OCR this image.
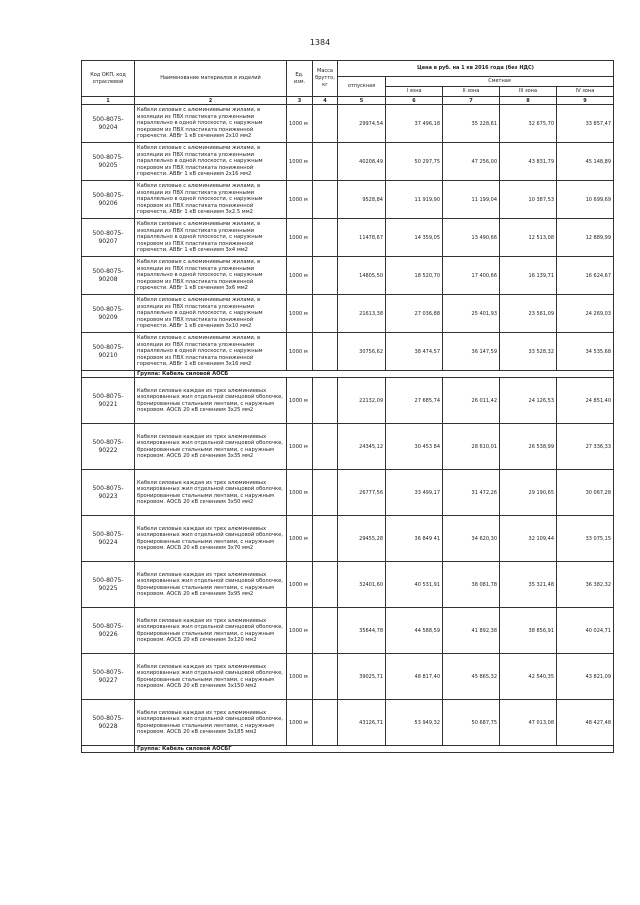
1384
Код ОКП, код отраслевой	Наименование материалов и изделий	Ед. изм.	Масса брутто, кг	Цена в руб. на 1 кв 2016 года (без НДС)				
				отпускная	Сметная			
					I зона	II зона	III зона	IV зона
1	2	3	4	5	6	7	8	9
500-8075-90204	Кабели силовые с алюминиевыми жилами, в изоляции из ПВХ пластиката уложенными параллельно в одной плоскости, с наружным покровом из ПВХ пластиката пониженной горючести. АВВг 1 кВ сечением 2х10 мм2	1000 м		29974,54	37 496,18	35 228,61	32 675,70	33 857,47
500-8075-90205	Кабели силовые с алюминиевыми жилами, в изоляции из ПВХ пластиката уложенными параллельно в одной плоскости, с наружным покровом из ПВХ пластиката пониженной горючести. АВВг 1 кВ сечением 2х16 мм2	1000 м		40208,49	50 297,75	47 256,00	43 831,79	45 148,89
500-8075-90206	Кабели силовые с алюминиевыми жилами, в изоляции из ПВХ пластиката уложенными параллельно в одной плоскости, с наружным покровом из ПВХ пластиката пониженной горючести. АВВг 1 кВ сечением 3х2.5 мм2	1000 м		9528,84	11 919,90	11 199,04	10 387,53	10 699,69
500-8075-90207	Кабели силовые с алюминиевыми жилами, в изоляции из ПВХ пластиката уложенными параллельно в одной плоскости, с наружным покровом из ПВХ пластиката пониженной горючести. АВВг 1 кВ сечением 3х4 мм2	1000 м		11478,67	14 359,05	13 490,66	12 513,08	12 889,99
500-8075-90208	Кабели силовые с алюминиевыми жилами, в изоляции из ПВХ пластиката уложенными параллельно в одной плоскости, с наружным покровом из ПВХ пластиката пониженной горючести. АВВг 1 кВ сечением 3х6 мм2	1000 м		14805,50	18 520,70	17 400,66	16 139,71	16 624,67
500-8075-90209	Кабели силовые с алюминиевыми жилами, в изоляции из ПВХ пластиката уложенными параллельно в одной плоскости, с наружным покровом из ПВХ пластиката пониженной горючести. АВВг 1 кВ сечением 3х10 мм2	1000 м		21613,38	27 036,88	25 401,93	23 561,09	24 269,03
500-8075-90210	Кабели силовые с алюминиевыми жилами, в изоляции из ПВХ пластиката уложенными параллельно в одной плоскости, с наружным покровом из ПВХ пластиката пониженной горючести. АВВг 1 кВ сечением 3х16 мм2	1000 м		30756,62	38 474,57	36 147,59	33 528,32	34 535,68
	Группа: Кабель силовой АОСБ							
500-8075-90221	Кабели силовые каждая из трех алюминиевых изолированных жил отдельной свинцовой оболочке, бронированные стальными лентами, с наружным покровом. АОСБ 20 кВ сечением 3х25 мм2	1000 м		22132,09	27 685,74	26 011,42	24 126,53	24 851,40
500-8075-90222	Кабели силовые каждая из трех алюминиевых изолированных жил отдельной свинцовой оболочке, бронированные стальными лентами, с наружным покровом. АОСБ 20 кВ сечением 3х35 мм2	1000 м		24345,12	30 453 84	28 610,01	26 538,99	27 336,33
500-8075-90223	Кабели силовые каждая из трех алюминиевых изолированных жил отдельной свинцовой оболочке, бронированные стальными лентами, с наружным покровом. АОСБ 20 кВ сечением 3х50 мм2	1000 м		26777,56	33 499,17	31 472,26	29 190,65	30 067,28
500-8075-90224	Кабели силовые каждая из трех алюминиевых изолированных жил отдельной свинцовой оболочке, бронированные стальными лентами, с наружным покровом. АОСБ 20 кВ сечением 3х70 мм2	1000 м		29455,28	36 849 41	34 620,30	32 109,44	33 075,15
500-8075-90225	Кабели силовые каждая из трех алюминиевых изолированных жил отдельной свинцовой оболочке, бронированные стальными лентами, с наружным покровом. АОСБ 20 кВ сечением 3х95 мм2	1000 м		32401,60	40 531,91	38 081,78	35 321,48	36 382,32
500-8075-90226	Кабели силовые каждая из трех алюминиевых изолированных жил отдельной свинцовой оболочке, бронированные стальными лентами, с наружным покровом. АОСБ 20 кВ сечением 3х120 мм2	1000 м		35644,78	44 588,59	41 892,38	38 856,91	40 024,71
500-8075-90227	Кабели силовые каждая из трех алюминиевых изолированных жил отдельной свинцовой оболочке, бронированные стальными лентами, с наружным покровом. АОСБ 20 кВ сечением 3х150 мм2	1000 м		39025,71	48 817,40	45 865,32	42 540,35	43 821,09
500-8075-90228	Кабели силовые каждая из трех алюминиевых изолированных жил отдельной свинцовой оболочке, бронированные стальными лентами, с наружным покровом. АОСБ 20 кВ сечением 3х185 мм2	1000 м		43126,71	53 949,32	50 687,75	47 013,08	48 427,48
	Группа: Кабель силовой АОСБГ							
